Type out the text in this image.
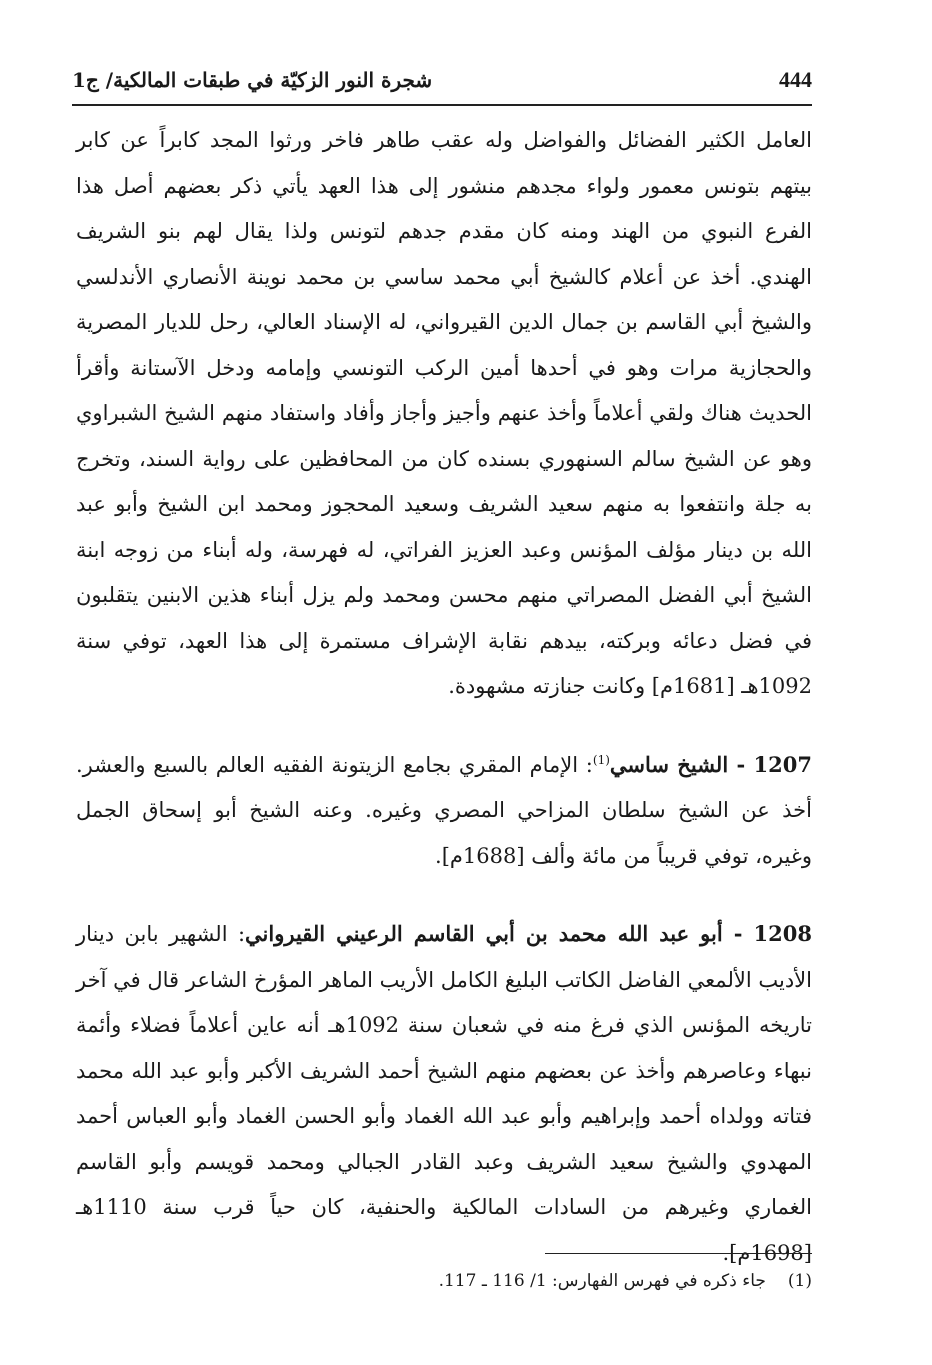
444
شجرة النور الزكيّة في طبقات المالكية/ ج1

العامل الكثير الفضائل والفواضل وله عقب طاهر فاخر ورثوا المجد كابراً عن كابر بيتهم بتونس معمور ولواء مجدهم منشور إلى هذا العهد يأتي ذكر بعضهم أصل هذا الفرع النبوي من الهند ومنه كان مقدم جدهم لتونس ولذا يقال لهم بنو الشريف الهندي. أخذ عن أعلام كالشيخ أبي محمد ساسي بن محمد نوينة الأنصاري الأندلسي والشيخ أبي القاسم بن جمال الدين القيرواني، له الإسناد العالي، رحل للديار المصرية والحجازية مرات وهو في أحدها أمين الركب التونسي وإمامه ودخل الآستانة وأقرأ الحديث هناك ولقي أعلاماً وأخذ عنهم وأجيز وأجاز وأفاد واستفاد منهم الشيخ الشبراوي وهو عن الشيخ سالم السنهوري بسنده كان من المحافظين على رواية السند، وتخرج به جلة وانتفعوا به منهم سعيد الشريف وسعيد المحجوز ومحمد ابن الشيخ وأبو عبد الله بن دينار مؤلف المؤنس وعبد العزيز الفراتي، له فهرسة، وله أبناء من زوجه ابنة الشيخ أبي الفضل المصراتي منهم محسن ومحمد ولم يزل أبناء هذين الابنين يتقلبون في فضل دعائه وبركته، بيدهم نقابة الإشراف مستمرة إلى هذا العهد، توفي سنة 1092هـ [1681م] وكانت جنازته مشهودة.

1207 - الشيخ ساسي$^{(1)}$: الإمام المقري بجامع الزيتونة الفقيه العالم بالسبع والعشر. أخذ عن الشيخ سلطان المزاحي المصري وغيره. وعنه الشيخ أبو إسحاق الجمل وغيره، توفي قريباً من مائة وألف [1688م].

1208 - أبو عبد الله محمد بن أبي القاسم الرعيني القيرواني: الشهير بابن دينار الأديب الألمعي الفاضل الكاتب البليغ الكامل الأريب الماهر المؤرخ الشاعر قال في آخر تاريخه المؤنس الذي فرغ منه في شعبان سنة 1092هـ أنه عاين أعلاماً فضلاء وأئمة نبهاء وعاصرهم وأخذ عن بعضهم منهم الشيخ أحمد الشريف الأكبر وأبو عبد الله محمد فتاته وولداه أحمد وإبراهيم وأبو عبد الله الغماد وأبو الحسن الغماد وأبو العباس أحمد المهدوي والشيخ سعيد الشريف وعبد القادر الجبالي ومحمد قويسم وأبو القاسم الغماري وغيرهم من السادات المالكية والحنفية، كان حياً قرب سنة 1110هـ [1698م].

(1)جاء ذكره في فهرس الفهارس: 1/ 116 ـ 117.
